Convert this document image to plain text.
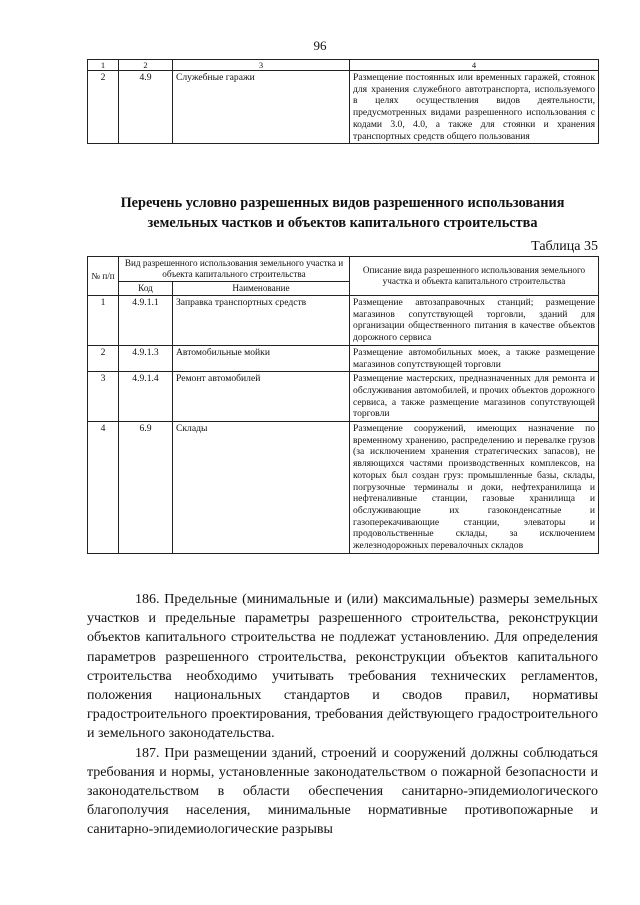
96
1	2	3	4
2	4.9	Служебные гаражи	Размещение постоянных или временных гаражей, стоянок для хранения служебного автотранспорта, используемого в целях осуществления видов деятельности, предусмотренных видами разрешенного использования с кодами 3.0, 4.0, а также для стоянки и хранения транспортных средств общего пользования
Перечень условно разрешенных видов разрешенного использования земельных частков и объектов капитального строительства
Таблица 35
№ п/п	Вид разрешенного использования земельного участка и объекта капитального строительства		Описание вида разрешенного использования земельного участка и объекта капитального строительства
	Код	Наименование	
1	4.9.1.1	Заправка транспортных средств	Размещение автозаправочных станций; размещение магазинов сопутствующей торговли, зданий для организации общественного питания в качестве объектов дорожного сервиса
2	4.9.1.3	Автомобильные мойки	Размещение автомобильных моек, а также размещение магазинов сопутствующей торговли
3	4.9.1.4	Ремонт автомобилей	Размещение мастерских, предназначенных для ремонта и обслуживания автомобилей, и прочих объектов дорожного сервиса, а также размещение магазинов сопутствующей торговли
4	6.9	Склады	Размещение сооружений, имеющих назначение по временному хранению, распределению и перевалке грузов (за исключением хранения стратегических запасов), не являющихся частями производственных комплексов, на которых был создан груз: промышленные базы, склады, погрузочные терминалы и доки, нефтехранилища и нефтеналивные станции, газовые хранилища и обслуживающие их газоконденсатные и газоперекачивающие станции, элеваторы и продовольственные склады, за исключением железнодорожных перевалочных складов

186. Предельные (минимальные и (или) максимальные) размеры земельных участков и предельные параметры разрешенного строительства, реконструкции объектов капитального строительства не подлежат установлению. Для определения параметров разрешенного строительства, реконструкции объектов капитального строительства необходимо учитывать требования технических регламентов, положения национальных стандартов и сводов правил, нормативы градостроительного проектирования, требования действующего градостроительного и земельного законодательства.

187. При размещении зданий, строений и сооружений должны соблюдаться требования и нормы, установленные законодательством о пожарной безопасности и законодательством в области обеспечения санитарно-эпидемиологического благополучия населения, минимальные нормативные противопожарные и санитарно-эпидемиологические разрывы
